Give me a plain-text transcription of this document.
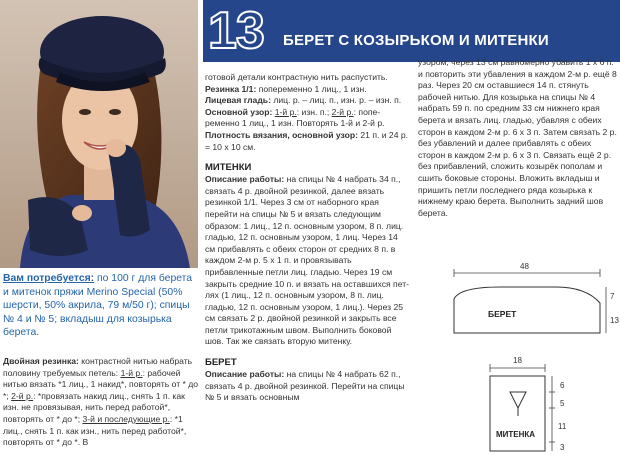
13 БЕРЕТ С КОЗЫРЬКОМ И МИТЕНКИ
Вам потребуется: по 100 г для берета и митенок пряжи Merino Special (50% шерсти, 50% акрила, 79 м/50 г); спицы № 4 и № 5; вкладыш для козырька берета.

Двойная резинка: контрастной нитью набрать половину требуемых петель: 1-й р.: рабочей нитью вязать *1 лиц., 1 накид*, повторять от * до *; 2-й р.: *провязать накид лиц., снять 1 п. как изн. не провязывая, нить перед работой*, повторять от * до *; 3-й и последующие р.: *1 лиц., снять 1 п. как изн., нить перед работой*, повторять от * до *. В

готовой детали контрастную нить распустить.

Резинка 1/1: попеременно 1 лиц., 1 изн.

Лицевая гладь: лиц. р. – лиц. п., изн. р. – изн. п.

Основной узор: 1-й р.: изн. п.; 2-й р.: попеременно 1 лиц., 1 изн. Повторять 1-й и 2-й р.

Плотность вязания, основной узор: 21 п. и 24 р. = 10 х 10 см.

МИТЕНКИ

Описание работы: на спицы № 4 набрать 34 п., связать 4 р. двойной резинкой, далее вязать резинкой 1/1. Через 3 см от наборного края перейти на спицы № 5 и вязать следующим образом: 1 лиц., 12 п. основным узором, 8 п. лиц. гладью, 12 п. основным узором, 1 лиц. Через 14 см прибавлять с обеих сторон от средних 8 п. в каждом 2-м р. 5 х 1 п. и провязывать прибавленные петли лиц. гладью. Через 19 см закрыть средние 10 п. и вязать на оставшихся петлях (1 лиц., 12 п. основным узором, 8 п. лиц. гладью, 12 п. основным узором, 1 лиц.). Через 25 см связать 2 р. двойной резинкой и закрыть все петли трикотажным швом. Выполнить боковой шов. Так же связать вторую митенку.

БЕРЕТ

Описание работы: на спицы № 4 набрать 62 п., связать 4 р. двойной резинкой. Перейти на спицы № 5 и вязать основным

узором, через 13 см равномерно убавить 1 х 6 п. и повторить эти убавления в каждом 2-м р. ещё 8 раз. Через 20 см оставшиеся 14 п. стянуть рабочей нитью. Для козырька на спицы № 4 набрать 59 п. по средним 33 см нижнего края берета и вязать лиц. гладью, убавляя с обеих сторон в каждом 2-м р. 6 х 3 п. Затем связать 2 р. без убавлений и далее прибавлять с обеих сторон в каждом 2-м р. 6 х 3 п. Связать ещё 2 р. без прибавлений, сложить козырёк пополам и сшить боковые стороны. Вложить вкладыш и пришить петли последнего ряда козырька к нижнему краю берета. Выполнить задний шов берета.

48
БЕРЕТ
7
13
18
МИТЕНКА
6
5
11
3
